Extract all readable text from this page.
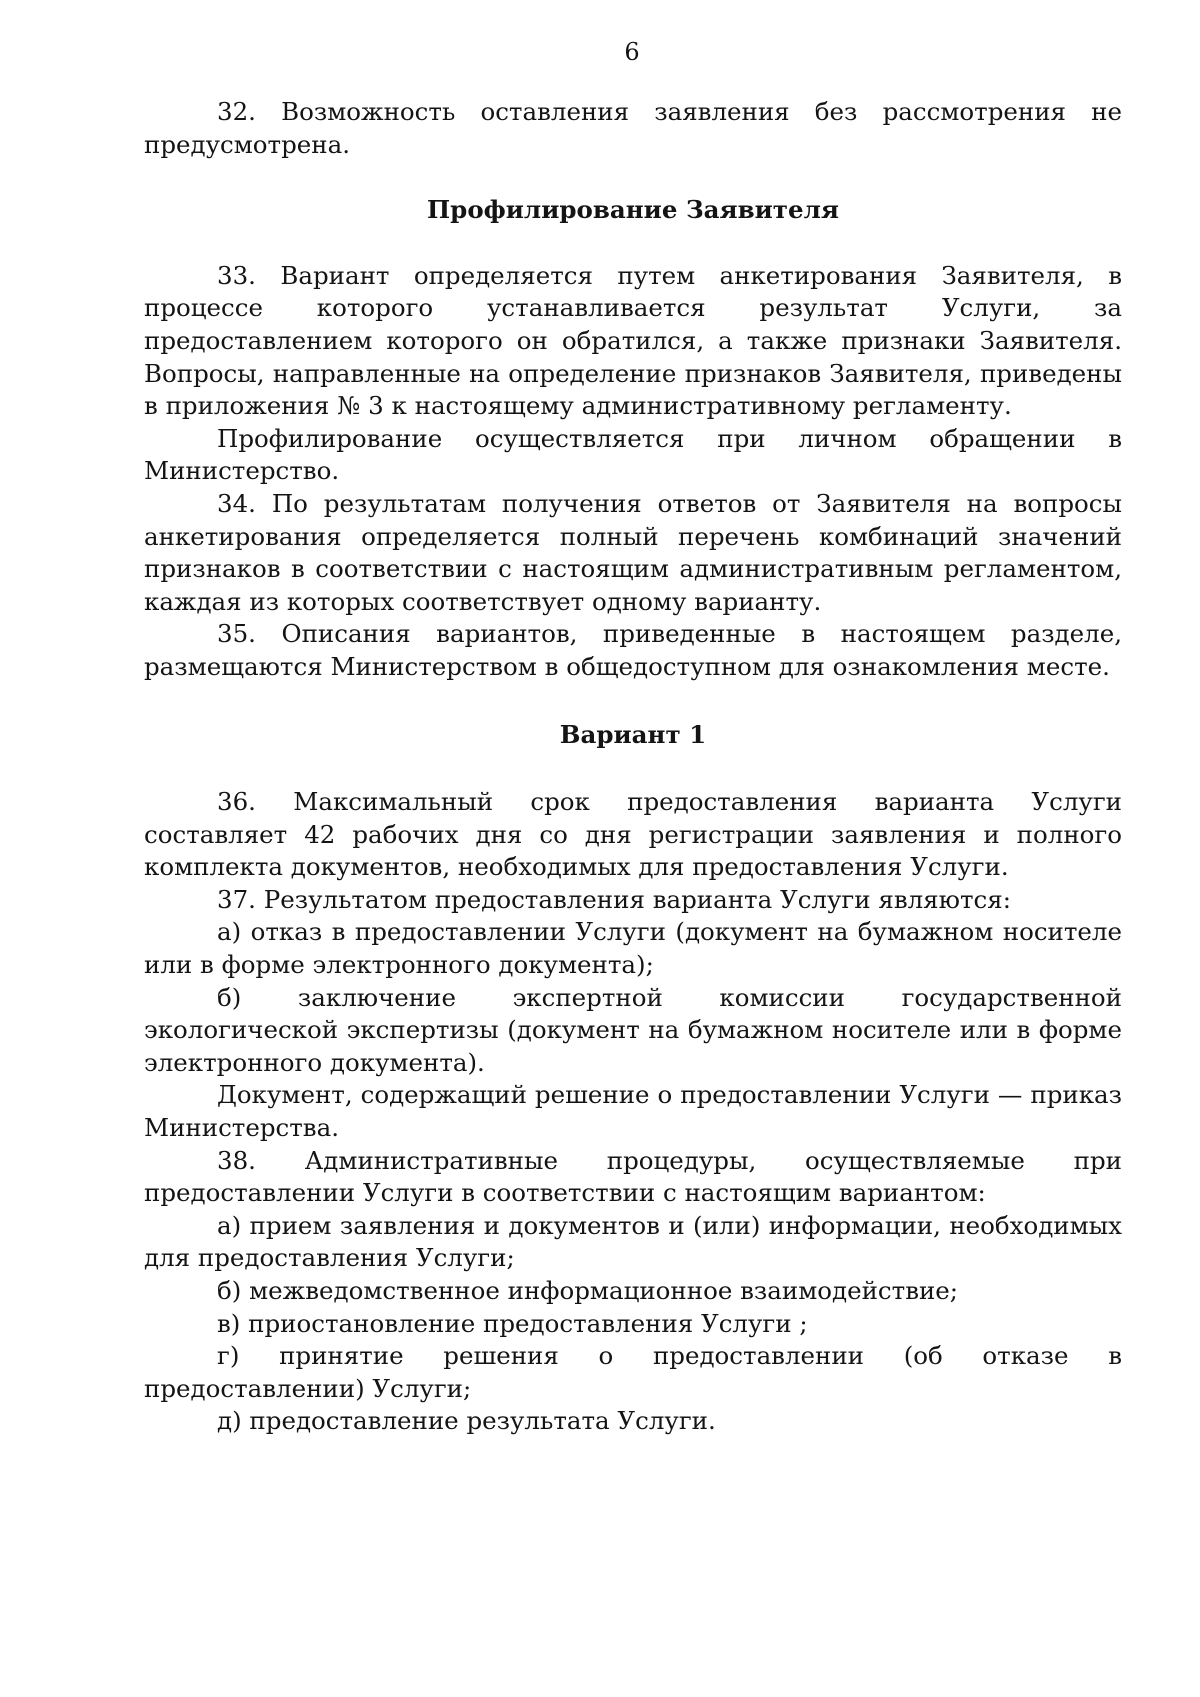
6

32. Возможность оставления заявления без рассмотрения не предусмотрена.

Профилирование Заявителя

33. Вариант определяется путем анкетирования Заявителя, в процессе которого устанавливается результат Услуги, за предоставлением которого он обратился, а также признаки Заявителя. Вопросы, направленные на определение признаков Заявителя, приведены в приложения № 3 к настоящему административному регламенту.

Профилирование осуществляется при личном обращении в Министерство.

34. По результатам получения ответов от Заявителя на вопросы анкетирования определяется полный перечень комбинаций значений признаков в соответствии с настоящим административным регламентом, каждая из которых соответствует одному варианту.

35. Описания вариантов, приведенные в настоящем разделе, размещаются Министерством в общедоступном для ознакомления месте.

Вариант 1

36. Максимальный срок предоставления варианта Услуги составляет 42 рабочих дня со дня регистрации заявления и полного комплекта документов, необходимых для предоставления Услуги.

37. Результатом предоставления варианта Услуги являются:

а) отказ в предоставлении Услуги (документ на бумажном носителе или в форме электронного документа);

б) заключение экспертной комиссии государственной экологической экспертизы (документ на бумажном носителе или в форме электронного документа).

Документ, содержащий решение о предоставлении Услуги — приказ Министерства.

38. Административные процедуры, осуществляемые при предоставлении Услуги в соответствии с настоящим вариантом:

а) прием заявления и документов и (или) информации, необходимых для предоставления Услуги;

б) межведомственное информационное взаимодействие;

в) приостановление предоставления Услуги ;

г) принятие решения о предоставлении (об отказе в предоставлении) Услуги;

д) предоставление результата Услуги.
